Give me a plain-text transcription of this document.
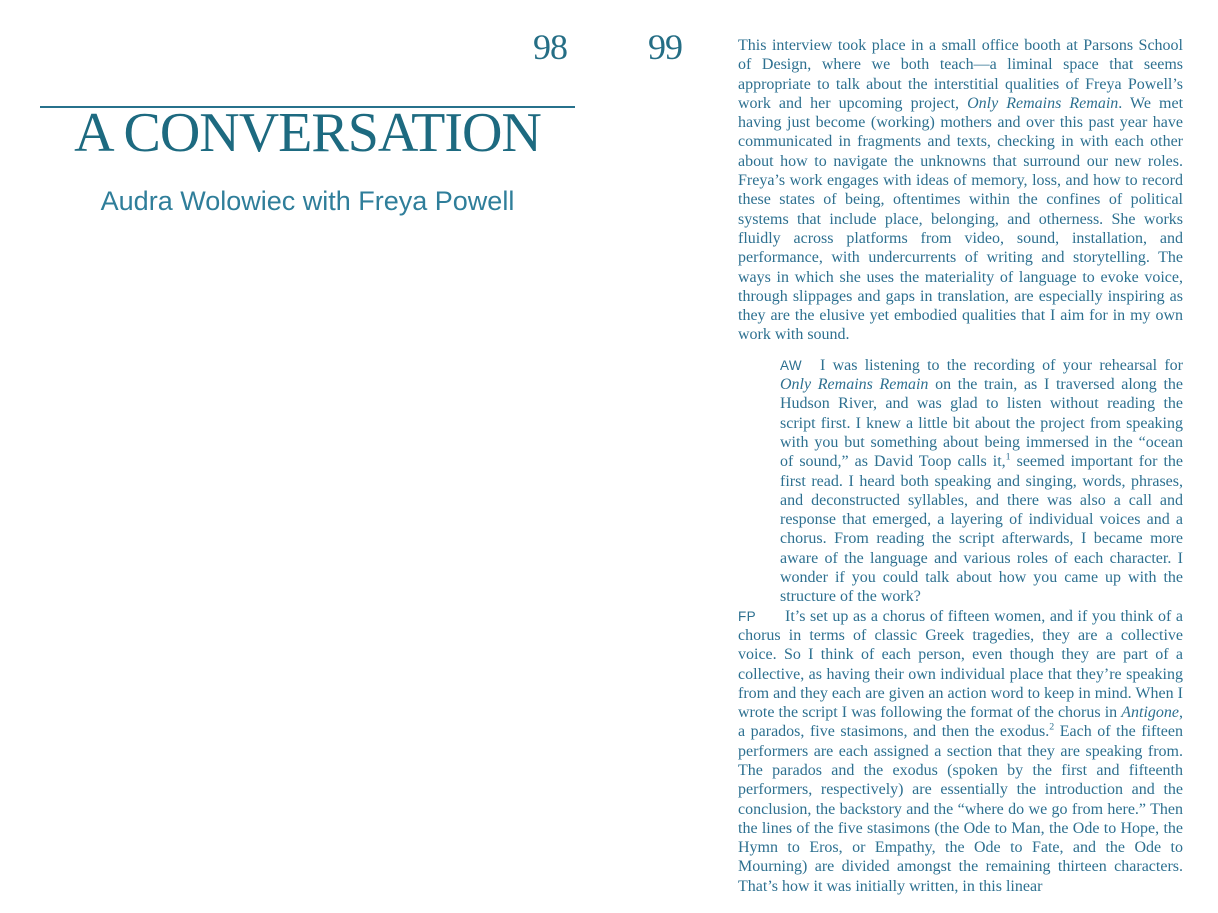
98
A CONVERSATION
Audra Wolowiec with Freya Powell
99	This interview took place in a small office booth at Parsons School of Design, where we both teach—a liminal space that seems appropriate to talk about the interstitial qualities of Freya Powell’s work and her upcoming project, Only Remains Remain. We met having just become (working) mothers and over this past year have communicated in fragments and texts, checking in with each other about how to navigate the unknowns that surround our new roles. Freya’s work engages with ideas of memory, loss, and how to record these states of being, oftentimes within the confines of political systems that include place, belonging, and otherness. She works fluidly across platforms from video, sound, installation, and performance, with undercurrents of writing and storytelling. The ways in which she uses the materiality of language to evoke voice, through slippages and gaps in translation, are especially inspiring as they are the elusive yet embodied qualities that I aim for in my own work with sound.

AW I was listening to the recording of your rehearsal for Only Remains Remain on the train, as I traversed along the Hudson River, and was glad to listen without reading the script first. I knew a little bit about the project from speaking with you but something about being immersed in the “ocean of sound,” as David Toop calls it,$^1$ seemed important for the first read. I heard both speaking and singing, words, phrases, and deconstructed syllables, and there was also a call and response that emerged, a layering of individual voices and a chorus. From reading the script afterwards, I became more aware of the language and various roles of each character. I wonder if you could talk about how you came up with the structure of the work?

FP It’s set up as a chorus of fifteen women, and if you think of a chorus in terms of classic Greek tragedies, they are a collective voice. So I think of each person, even though they are part of a collective, as having their own individual place that they’re speaking from and they each are given an action word to keep in mind. When I wrote the script I was following the format of the chorus in Antigone, a parados, five stasimons, and then the exodus.$^2$ Each of the fifteen performers are each assigned a section that they are speaking from. The parados and the exodus (spoken by the first and fifteenth performers, respectively) are essentially the introduction and the conclusion, the backstory and the “where do we go from here.” Then the lines of the five stasimons (the Ode to Man, the Ode to Hope, the Hymn to Eros, or Empathy, the Ode to Fate, and the Ode to Mourning) are divided amongst the remaining thirteen characters. That’s how it was initially written, in this linear
